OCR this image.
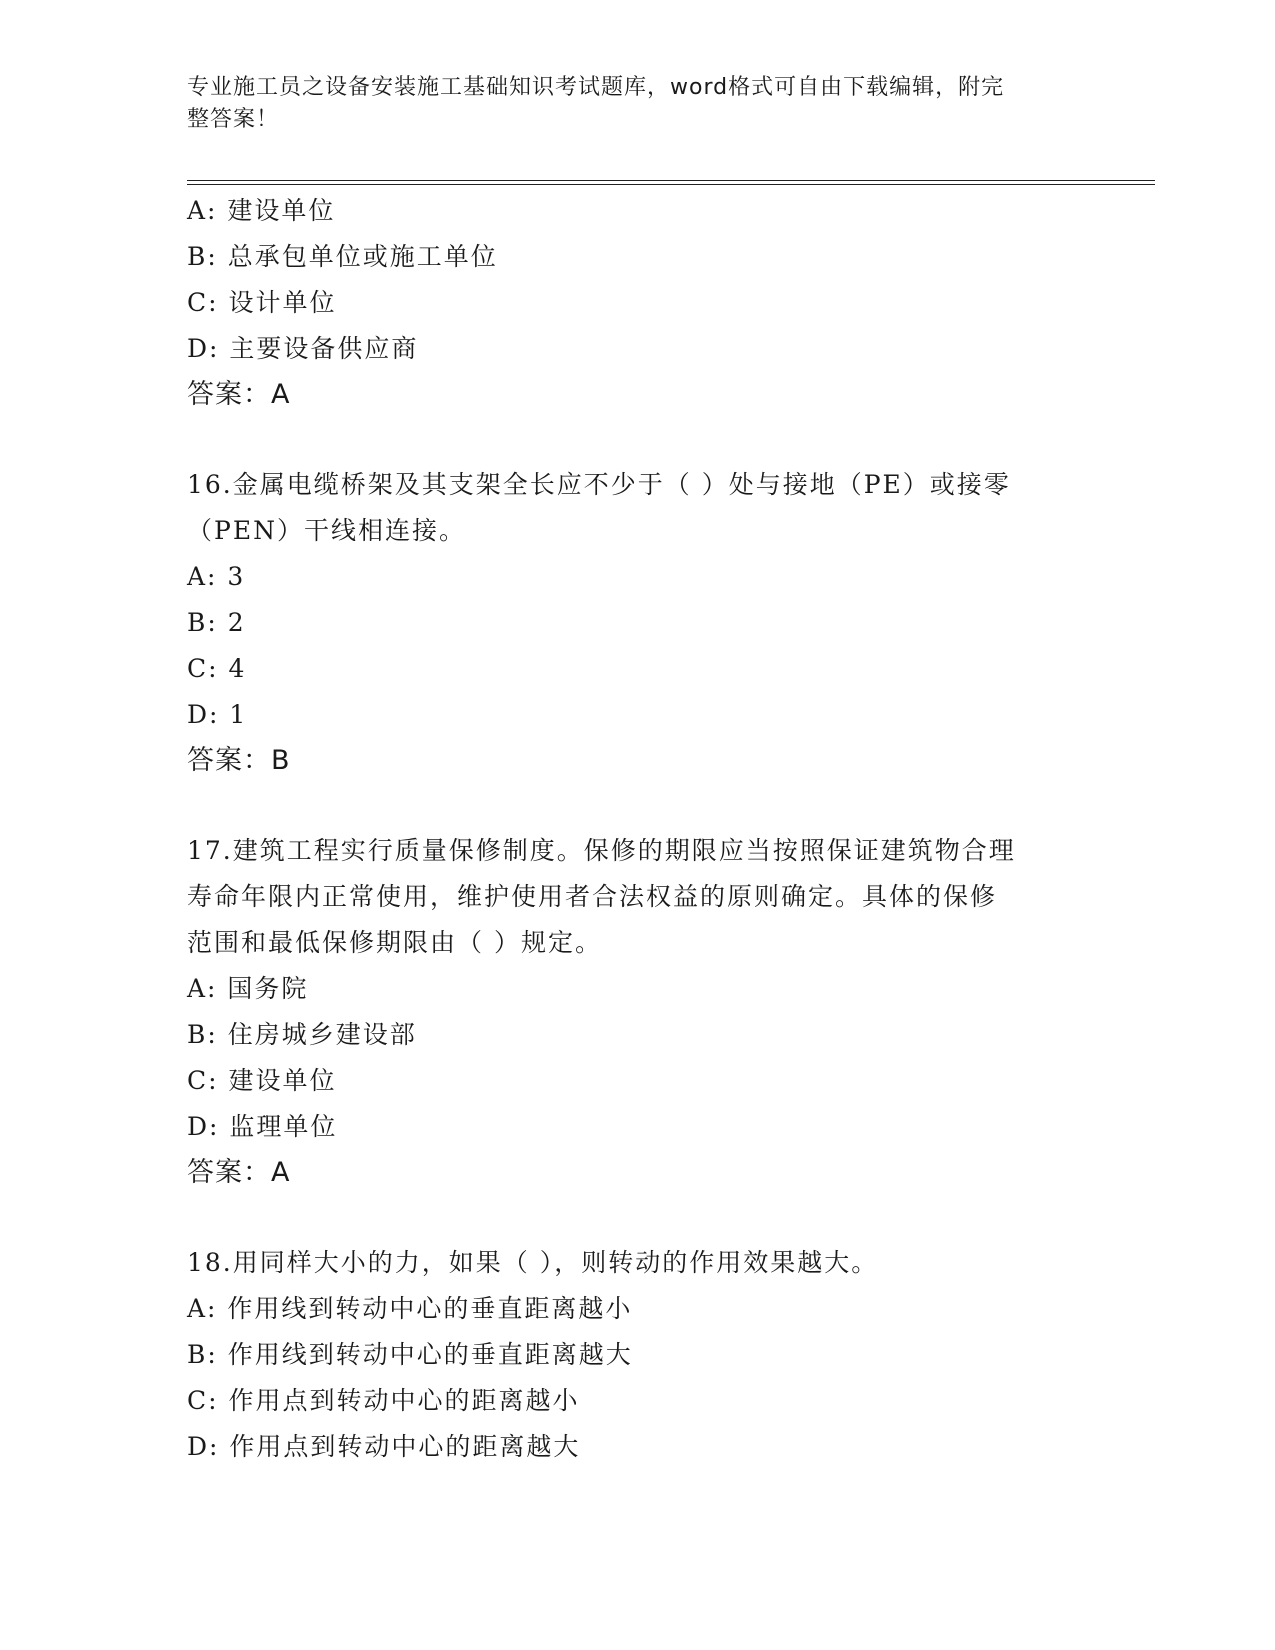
专业施工员之设备安装施工基础知识考试题库，word格式可自由下载编辑，附完
整答案！
A: 建设单位
B: 总承包单位或施工单位
C: 设计单位
D: 主要设备供应商
答案：A
16.金属电缆桥架及其支架全长应不少于（ ）处与接地（PE）或接零
（PEN）干线相连接。
A: 3
B: 2
C: 4
D: 1
答案：B
17.建筑工程实行质量保修制度。保修的期限应当按照保证建筑物合理
寿命年限内正常使用，维护使用者合法权益的原则确定。具体的保修
范围和最低保修期限由（ ）规定。
A: 国务院
B: 住房城乡建设部
C: 建设单位
D: 监理单位
答案：A
18.用同样大小的力，如果（ ），则转动的作用效果越大。
A: 作用线到转动中心的垂直距离越小
B: 作用线到转动中心的垂直距离越大
C: 作用点到转动中心的距离越小
D: 作用点到转动中心的距离越大
